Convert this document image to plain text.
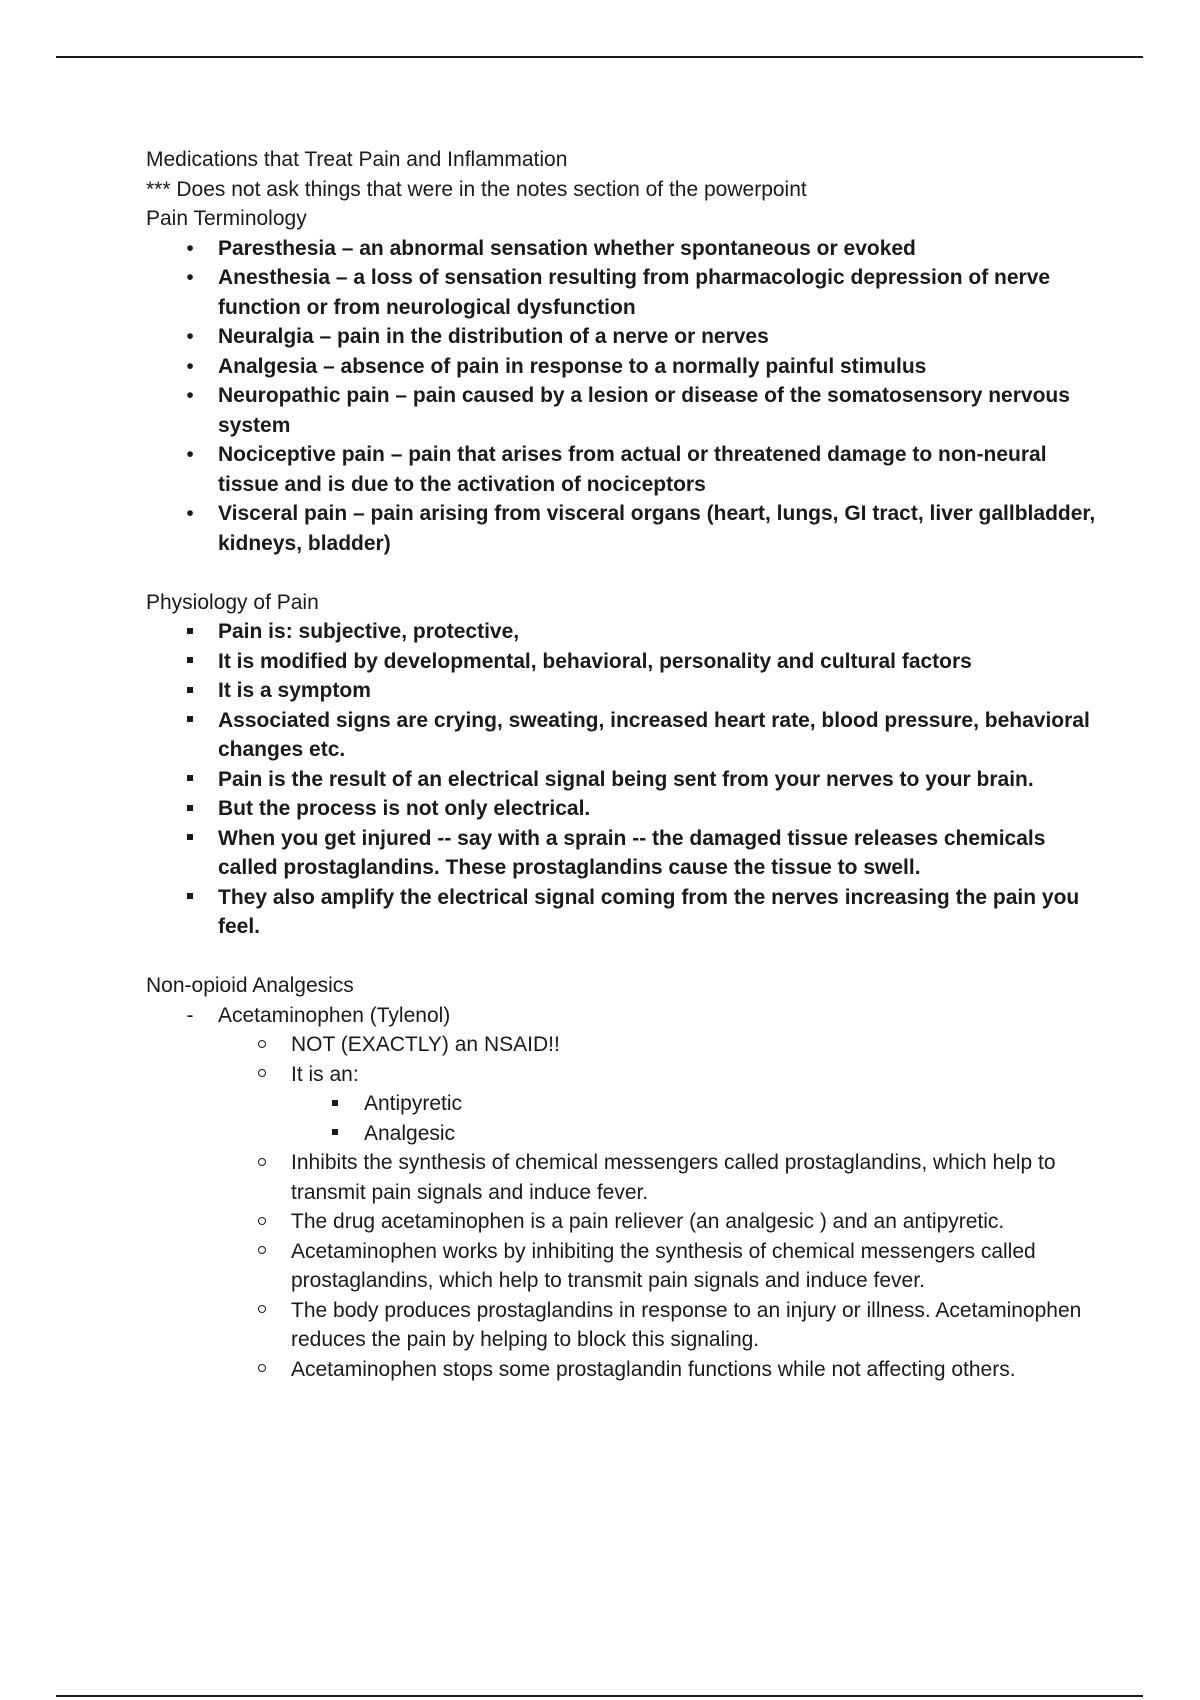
Medications that Treat Pain and Inflammation

*** Does not ask things that were in the notes section of the powerpoint

Pain Terminology

•
Paresthesia – an abnormal sensation whether spontaneous or evoked
•
Anesthesia – a loss of sensation resulting from pharmacologic depression of nerve function or from neurological dysfunction
•
Neuralgia – pain in the distribution of a nerve or nerves
•
Analgesia – absence of pain in response to a normally painful stimulus
•
Neuropathic pain – pain caused by a lesion or disease of the somatosensory nervous system
•
Nociceptive pain – pain that arises from actual or threatened damage to non-neural tissue and is due to the activation of nociceptors
•
Visceral pain – pain arising from visceral organs (heart, lungs, GI tract, liver gallbladder, kidneys, bladder)

Physiology of Pain

Pain is: subjective, protective,
It is modified by developmental, behavioral, personality and cultural factors
It is a symptom
Associated signs are crying, sweating, increased heart rate, blood pressure, behavioral changes etc.
Pain is the result of an electrical signal being sent from your nerves to your brain.
But the process is not only electrical.
When you get injured -- say with a sprain -- the damaged tissue releases chemicals called prostaglandins. These prostaglandins cause the tissue to swell.
They also amplify the electrical signal coming from the nerves increasing the pain you feel.

Non-opioid Analgesics

-
Acetaminophen (Tylenol)
NOT (EXACTLY) an NSAID!!
It is an:
Antipyretic
Analgesic
Inhibits the synthesis of chemical messengers called prostaglandins, which help to transmit pain signals and induce fever.
The drug acetaminophen is a pain reliever (an analgesic ) and an antipyretic.
Acetaminophen works by inhibiting the synthesis of chemical messengers called prostaglandins, which help to transmit pain signals and induce fever.
The body produces prostaglandins in response to an injury or illness. Acetaminophen reduces the pain by helping to block this signaling.
Acetaminophen stops some prostaglandin functions while not affecting others.
